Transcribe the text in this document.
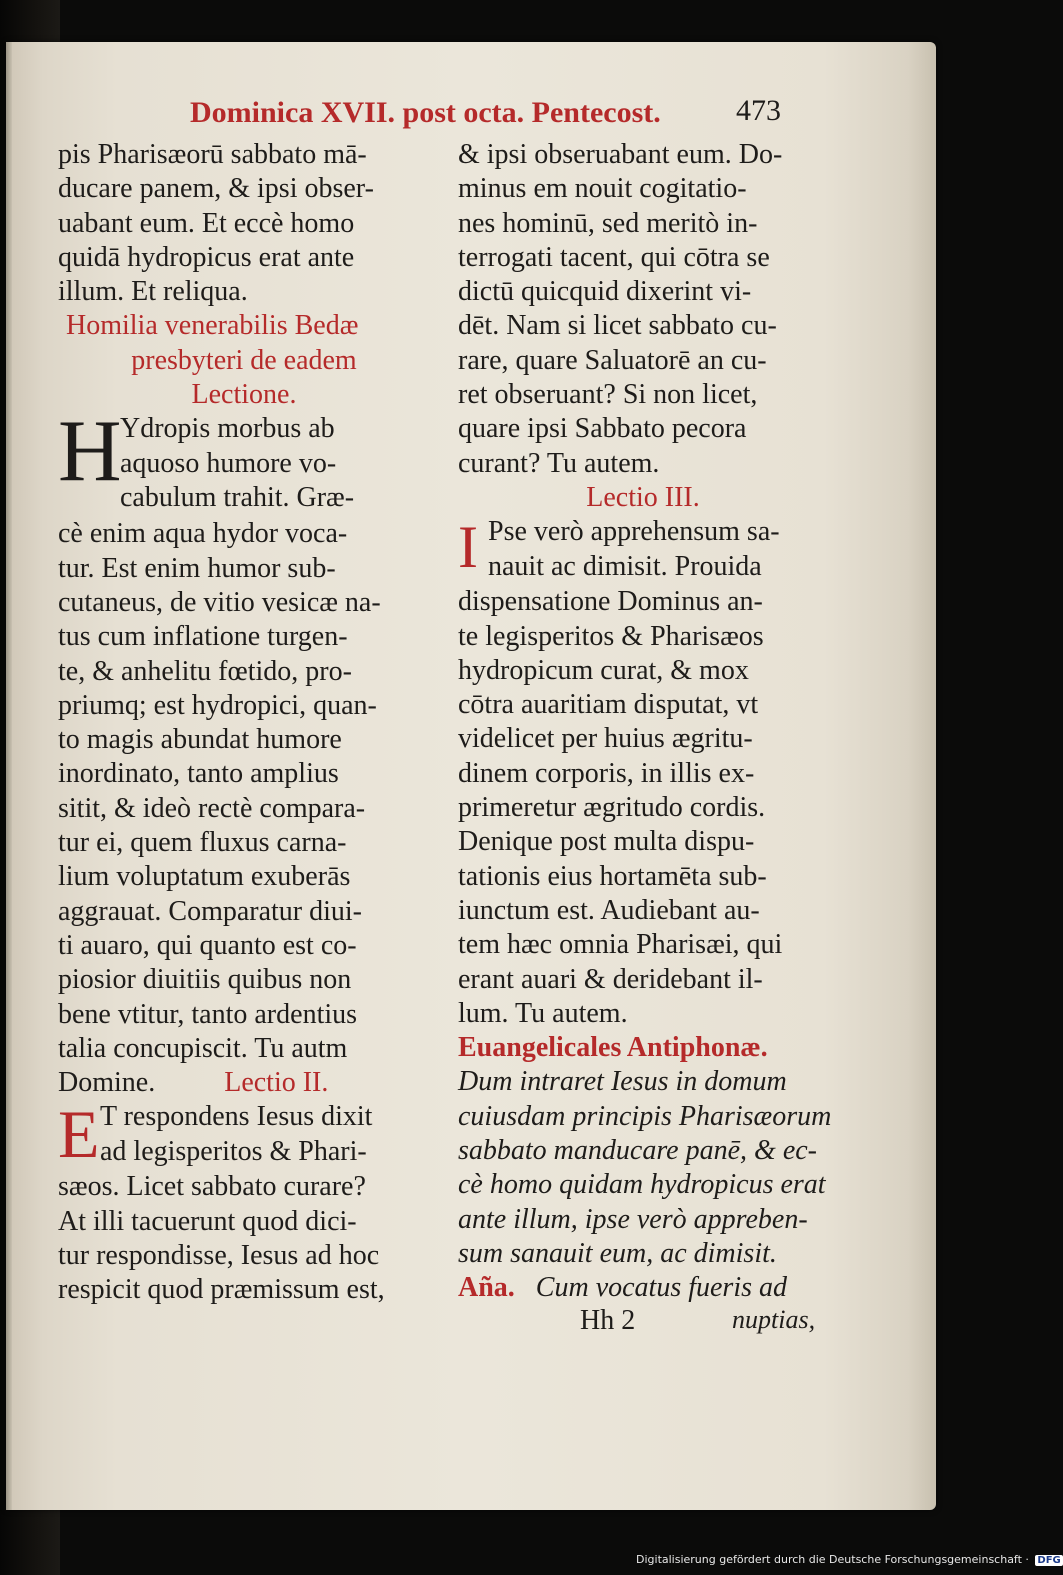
Dominica XVII. post octa. Pentecost.	473
pis Pharisæorū sabbato mā-
ducare panem, & ipsi obser-
uabant eum. Et eccè homo
quidā hydropicus erat ante
illum. Et reliqua.
Homilia venerabilis Bedæ
presbyteri de eadem
Lectione.
H
Ydropis morbus ab
aquoso humore vo-
cabulum trahit. Græ-
cè enim aqua hydor voca-
tur. Est enim humor sub-
cutaneus, de vitio vesicæ na-
tus cum inflatione turgen-
te, & anhelitu fœtido, pro-
priumq; est hydropici, quan-
to magis abundat humore
inordinato, tanto amplius
sitit, & ideò rectè compara-
tur ei, quem fluxus carna-
lium voluptatum exuberās
aggrauat. Comparatur diui-
ti auaro, qui quanto est co-
piosior diuitiis quibus non
bene vtitur, tanto ardentius
talia concupiscit. Tu autm
Domine. Lectio II.
E T respondens Iesus dixit
ad legisperitos & Phari-
sæos. Licet sabbato curare?
At illi tacuerunt quod dici-
tur respondisse, Iesus ad hoc
respicit quod præmissum est,
& ipsi obseruabant eum. Do-
minus em nouit cogitatio-
nes hominū, sed meritò in-
terrogati tacent, qui cōtra se
dictū quicquid dixerint vi-
dēt. Nam si licet sabbato cu-
rare, quare Saluatorē an cu-
ret obseruant? Si non licet,
quare ipsi Sabbato pecora
curant? Tu autem.
Lectio III.
I Pse verò apprehensum sa-
nauit ac dimisit. Prouida
dispensatione Dominus an-
te legisperitos & Pharisæos
hydropicum curat, & mox
cōtra auaritiam disputat, vt
videlicet per huius ægritu-
dinem corporis, in illis ex-
primeretur ægritudo cordis.
Denique post multa dispu-
tationis eius hortamēta sub-
iunctum est. Audiebant au-
tem hæc omnia Pharisæi, qui
erant auari & deridebant il-
lum. Tu autem.
Euangelicales Antiphonæ.
Dum intraret Iesus in domum
cuiusdam principis Pharisæorum
sabbato manducare panē, & ec-
cè homo quidam hydropicus erat
ante illum, ipse verò appreben-
sum sanauit eum, ac dimisit.
Aña. Cum vocatus fueris ad
Hh 2	nuptias,
Digitalisierung gefördert durch die Deutsche Forschungsgemeinschaft · DFG
